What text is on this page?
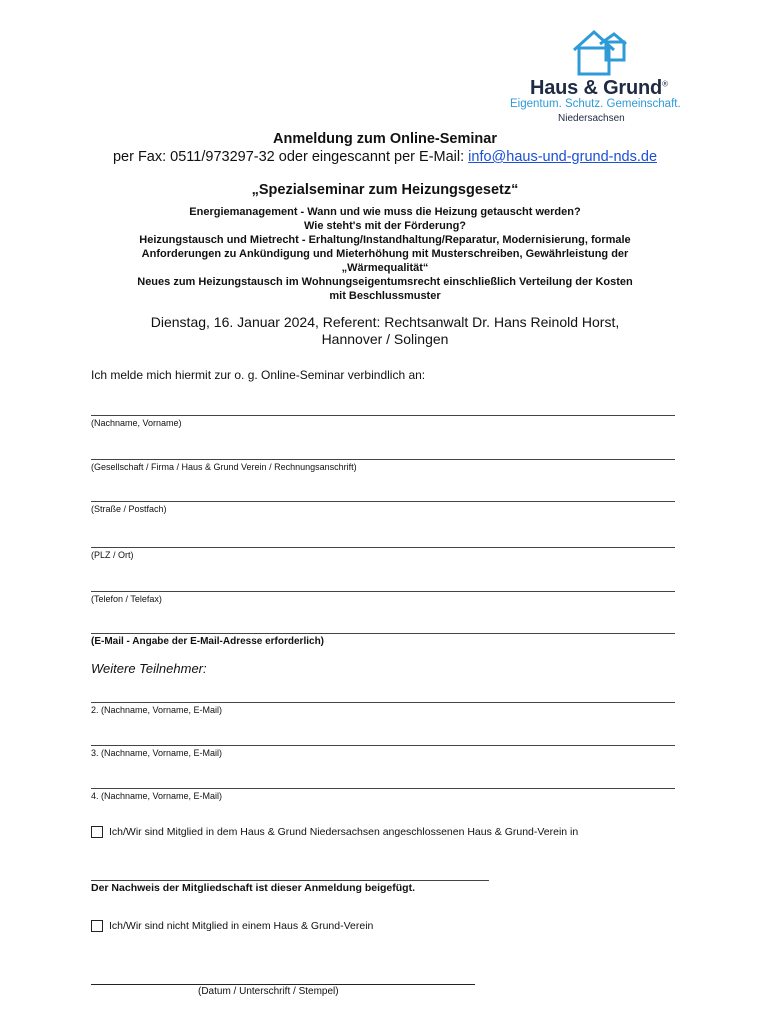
Haus & Grund®
Eigentum. Schutz. Gemeinschaft.
Niedersachsen
Anmeldung zum Online-Seminar
per Fax: 0511/973297-32 oder eingescannt per E-Mail: info@haus-und-grund-nds.de
„Spezialseminar zum Heizungsgesetz“
Energiemanagement - Wann und wie muss die Heizung getauscht werden?
Wie steht's mit der Förderung?
Heizungstausch und Mietrecht - Erhaltung/Instandhaltung/Reparatur, Modernisierung, formale
Anforderungen zu Ankündigung und Mieterhöhung mit Musterschreiben, Gewährleistung der
„Wärmequalität“
Neues zum Heizungstausch im Wohnungseigentumsrecht einschließlich Verteilung der Kosten
mit Beschlussmuster
Dienstag, 16. Januar 2024, Referent: Rechtsanwalt Dr. Hans Reinold Horst,
Hannover / Solingen
Ich melde mich hiermit zur o. g. Online-Seminar verbindlich an:
(Nachname, Vorname)
(Gesellschaft / Firma / Haus & Grund Verein / Rechnungsanschrift)
(Straße / Postfach)
(PLZ / Ort)
(Telefon / Telefax)
(E-Mail - Angabe der E-Mail-Adresse erforderlich)
Weitere Teilnehmer:
2. (Nachname, Vorname, E-Mail)
3. (Nachname, Vorname, E-Mail)
4. (Nachname, Vorname, E-Mail)
Ich/Wir sind Mitglied in dem Haus & Grund Niedersachsen angeschlossenen Haus & Grund-Verein in
Der Nachweis der Mitgliedschaft ist dieser Anmeldung beigefügt.
Ich/Wir sind nicht Mitglied in einem Haus & Grund-Verein
(Datum / Unterschrift / Stempel)
